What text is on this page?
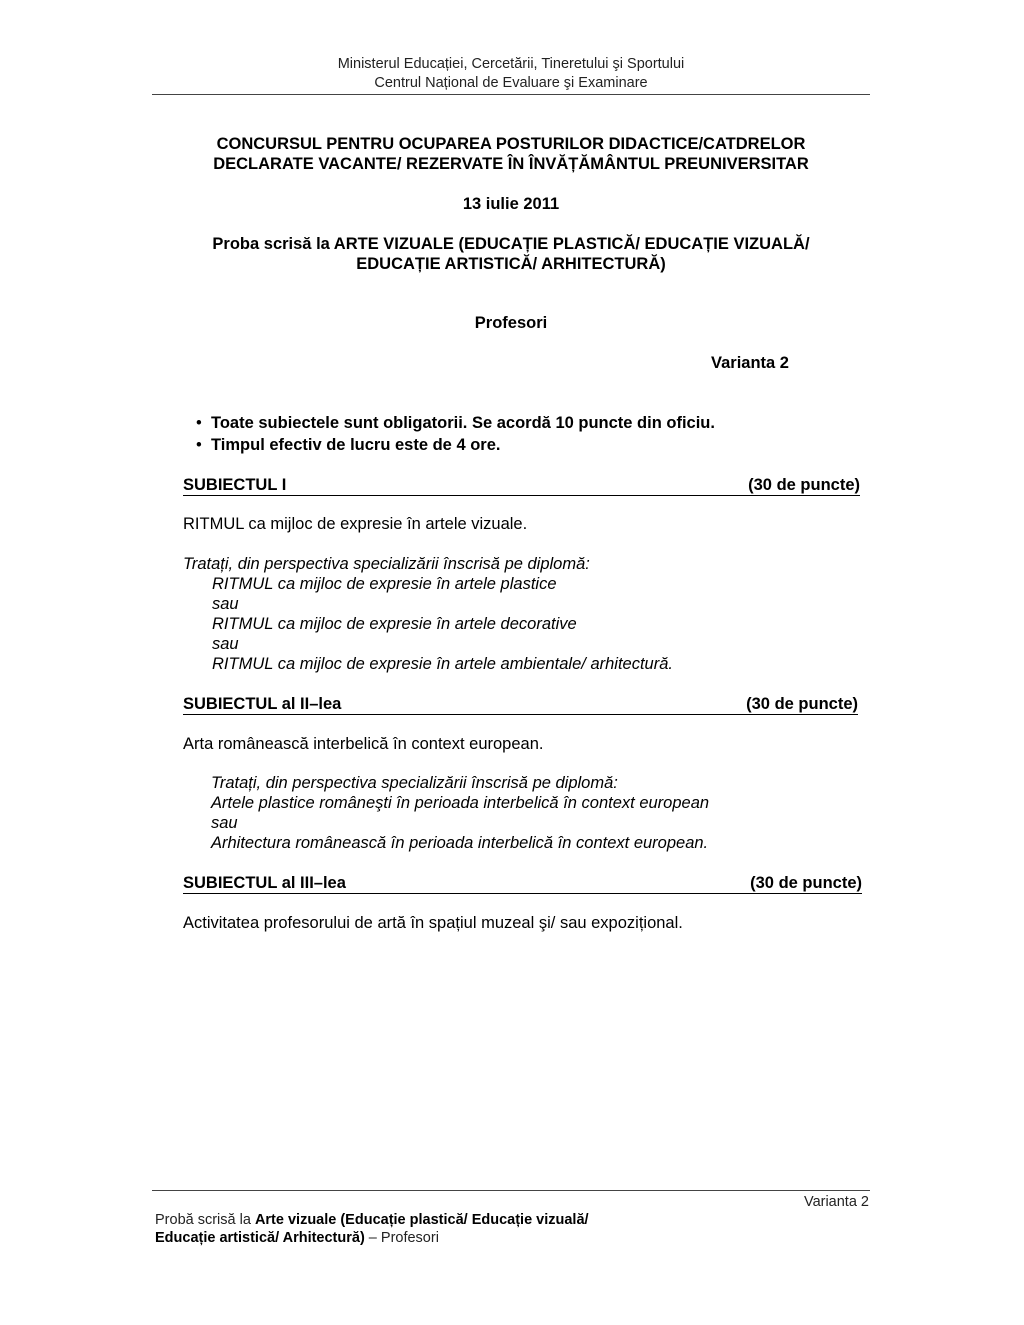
Ministerul Educației, Cercetării, Tineretului şi Sportului
Centrul Național de Evaluare şi Examinare
CONCURSUL PENTRU OCUPAREA POSTURILOR DIDACTICE/CATDRELOR
DECLARATE VACANTE/ REZERVATE ÎN ÎNVĂȚĂMÂNTUL PREUNIVERSITAR
13 iulie 2011
Proba scrisă la ARTE VIZUALE (EDUCAȚIE PLASTICĂ/ EDUCAȚIE VIZUALĂ/
EDUCAȚIE ARTISTICĂ/ ARHITECTURĂ)
Profesori
Varianta 2
• Toate subiectele sunt obligatorii. Se acordă 10 puncte din oficiu.
• Timpul efectiv de lucru este de 4 ore.
SUBIECTUL I	(30 de puncte)
RITMUL ca mijloc de expresie în artele vizuale.
Tratați, din perspectiva specializării înscrisă pe diplomă:
RITMUL ca mijloc de expresie în artele plastice
sau
RITMUL ca mijloc de expresie în artele decorative
sau
RITMUL ca mijloc de expresie în artele ambientale/ arhitectură.
SUBIECTUL al II–lea	(30 de puncte)
Arta românească interbelică în context european.
Tratați, din perspectiva specializării înscrisă pe diplomă:
Artele plastice româneşti în perioada interbelică în context european
sau
Arhitectura românească în perioada interbelică în context european.
SUBIECTUL al III–lea	(30 de puncte)
Activitatea profesorului de artă în spațiul muzeal şi/ sau expozițional.
Varianta 2
Probă scrisă la Arte vizuale (Educație plastică/ Educație vizuală/
Educație artistică/ Arhitectură) – Profesori
